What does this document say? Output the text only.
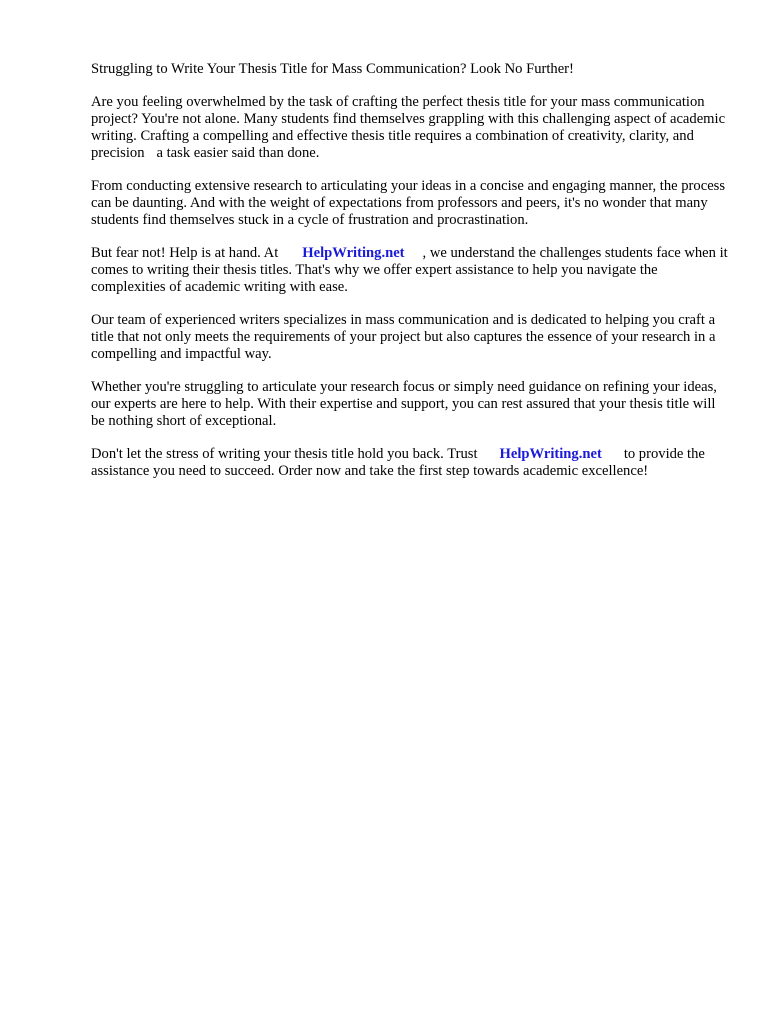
Struggling to Write Your Thesis Title for Mass Communication? Look No Further!

Are you feeling overwhelmed by the task of crafting the perfect thesis title for your mass communication project? You're not alone. Many students find themselves grappling with this challenging aspect of academic writing. Crafting a compelling and effective thesis title requires a combination of creativity, clarity, and precision a task easier said than done.

From conducting extensive research to articulating your ideas in a concise and engaging manner, the process can be daunting. And with the weight of expectations from professors and peers, it's no wonder that many students find themselves stuck in a cycle of frustration and procrastination.

But fear not! Help is at hand. At HelpWriting.net , we understand the challenges students face when it comes to writing their thesis titles. That's why we offer expert assistance to help you navigate the complexities of academic writing with ease.

Our team of experienced writers specializes in mass communication and is dedicated to helping you craft a title that not only meets the requirements of your project but also captures the essence of your research in a compelling and impactful way.

Whether you're struggling to articulate your research focus or simply need guidance on refining your ideas, our experts are here to help. With their expertise and support, you can rest assured that your thesis title will be nothing short of exceptional.

Don't let the stress of writing your thesis title hold you back. Trust HelpWriting.net to provide the assistance you need to succeed. Order now and take the first step towards academic excellence!
